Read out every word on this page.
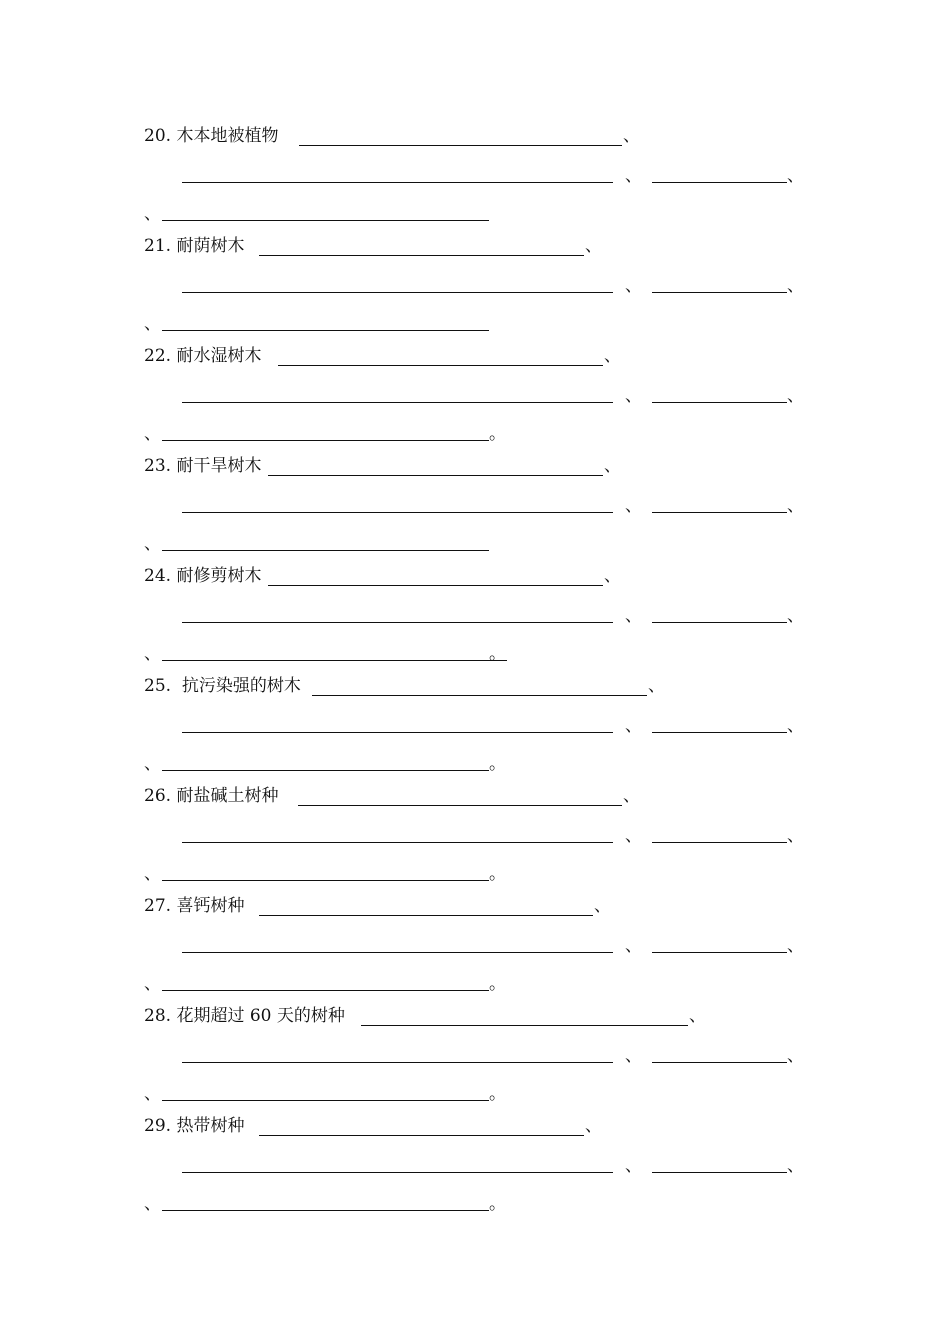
20. 木本地被植物	、
、	、
、
21. 耐荫树木	、
、	、
、
22. 耐水湿树木	、
、	、
、	。
23. 耐干旱树木	、
、	、
、
24. 耐修剪树木	、
、	、
、	。
25.  抗污染强的树木	、
、	、
、	。
26. 耐盐碱土树种	、
、	、
、	。
27. 喜钙树种	、
、	、
、	。
28. 花期超过 60 天的树种	、
、	、
、	。
29. 热带树种	、
、	、
、	。
